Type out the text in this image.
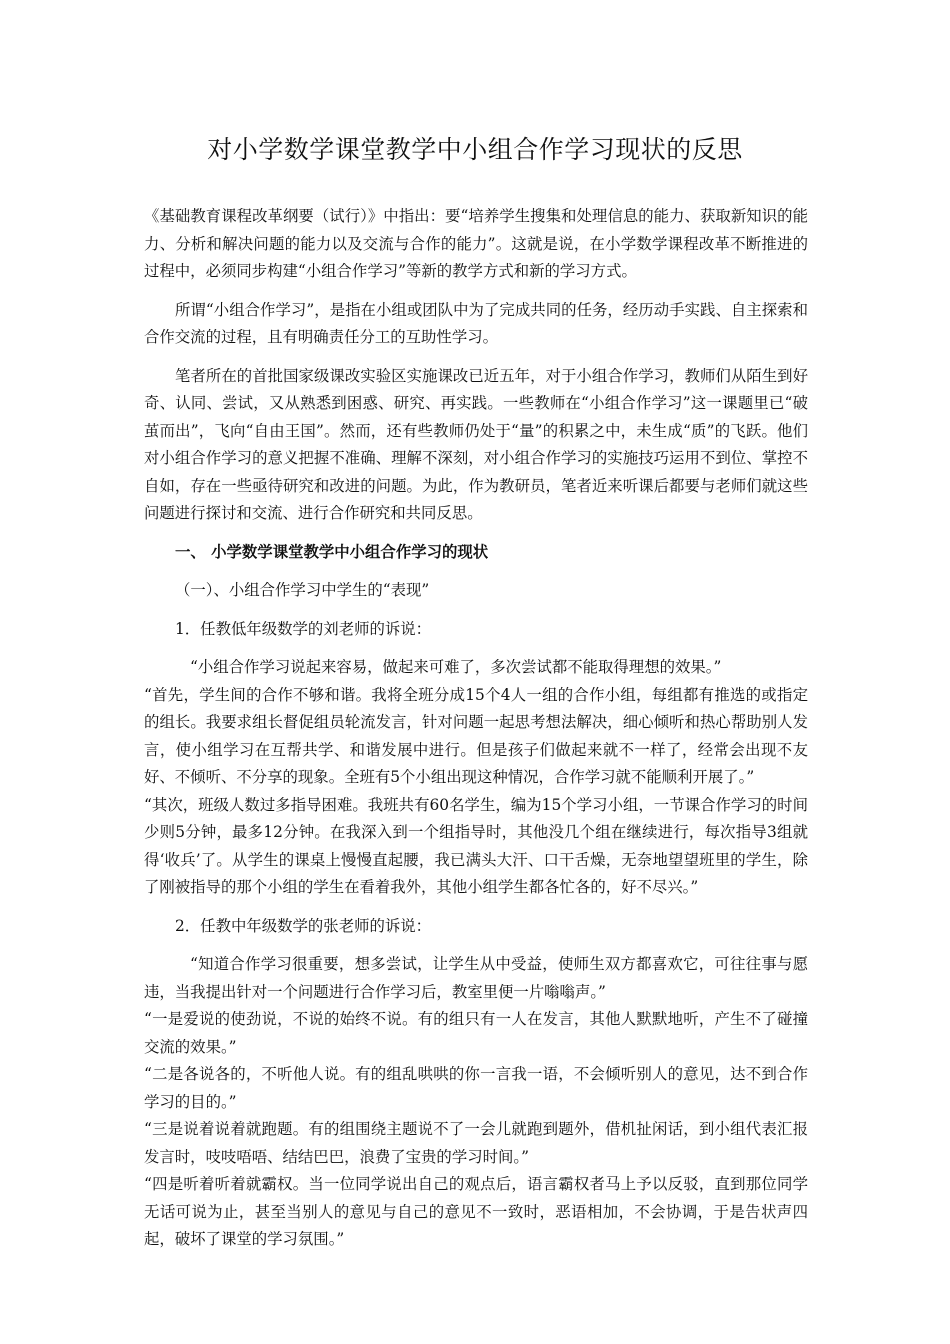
对小学数学课堂教学中小组合作学习现状的反思

《基础教育课程改革纲要（试行）》中指出：要“培养学生搜集和处理信息的能力、获取新知识的能力、分析和解决问题的能力以及交流与合作的能力”。这就是说，在小学数学课程改革不断推进的过程中，必须同步构建“小组合作学习”等新的教学方式和新的学习方式。

所谓“小组合作学习”，是指在小组或团队中为了完成共同的任务，经历动手实践、自主探索和合作交流的过程，且有明确责任分工的互助性学习。

笔者所在的首批国家级课改实验区实施课改已近五年，对于小组合作学习，教师们从陌生到好奇、认同、尝试，又从熟悉到困惑、研究、再实践。一些教师在“小组合作学习”这一课题里已“破茧而出”，飞向“自由王国”。然而，还有些教师仍处于“量”的积累之中，未生成“质”的飞跃。他们对小组合作学习的意义把握不准确、理解不深刻，对小组合作学习的实施技巧运用不到位、掌控不自如，存在一些亟待研究和改进的问题。为此，作为教研员，笔者近来听课后都要与老师们就这些问题进行探讨和交流、进行合作研究和共同反思。

一、 小学数学课堂教学中小组合作学习的现状

（一）、小组合作学习中学生的“表现”

1．任教低年级数学的刘老师的诉说：

“小组合作学习说起来容易，做起来可难了，多次尝试都不能取得理想的效果。”

“首先，学生间的合作不够和谐。我将全班分成15个4人一组的合作小组，每组都有推选的或指定的组长。我要求组长督促组员轮流发言，针对问题一起思考想法解决，细心倾听和热心帮助别人发言，使小组学习在互帮共学、和谐发展中进行。但是孩子们做起来就不一样了，经常会出现不友好、不倾听、不分享的现象。全班有5个小组出现这种情况，合作学习就不能顺利开展了。”

“其次，班级人数过多指导困难。我班共有60名学生，编为15个学习小组，一节课合作学习的时间少则5分钟，最多12分钟。在我深入到一个组指导时，其他没几个组在继续进行，每次指导3组就得‘收兵’了。从学生的课桌上慢慢直起腰，我已满头大汗、口干舌燥，无奈地望望班里的学生，除了刚被指导的那个小组的学生在看着我外，其他小组学生都各忙各的，好不尽兴。”

2．任教中年级数学的张老师的诉说：

“知道合作学习很重要，想多尝试，让学生从中受益，使师生双方都喜欢它，可往往事与愿违，当我提出针对一个问题进行合作学习后，教室里便一片嗡嗡声。”

“一是爱说的使劲说，不说的始终不说。有的组只有一人在发言，其他人默默地听，产生不了碰撞交流的效果。”

“二是各说各的，不听他人说。有的组乱哄哄的你一言我一语，不会倾听别人的意见，达不到合作学习的目的。”

“三是说着说着就跑题。有的组围绕主题说不了一会儿就跑到题外，借机扯闲话，到小组代表汇报发言时，吱吱唔唔、结结巴巴，浪费了宝贵的学习时间。”

“四是听着听着就霸权。当一位同学说出自己的观点后，语言霸权者马上予以反驳，直到那位同学无话可说为止，甚至当别人的意见与自己的意见不一致时，恶语相加，不会协调，于是告状声四起，破坏了课堂的学习氛围。”
